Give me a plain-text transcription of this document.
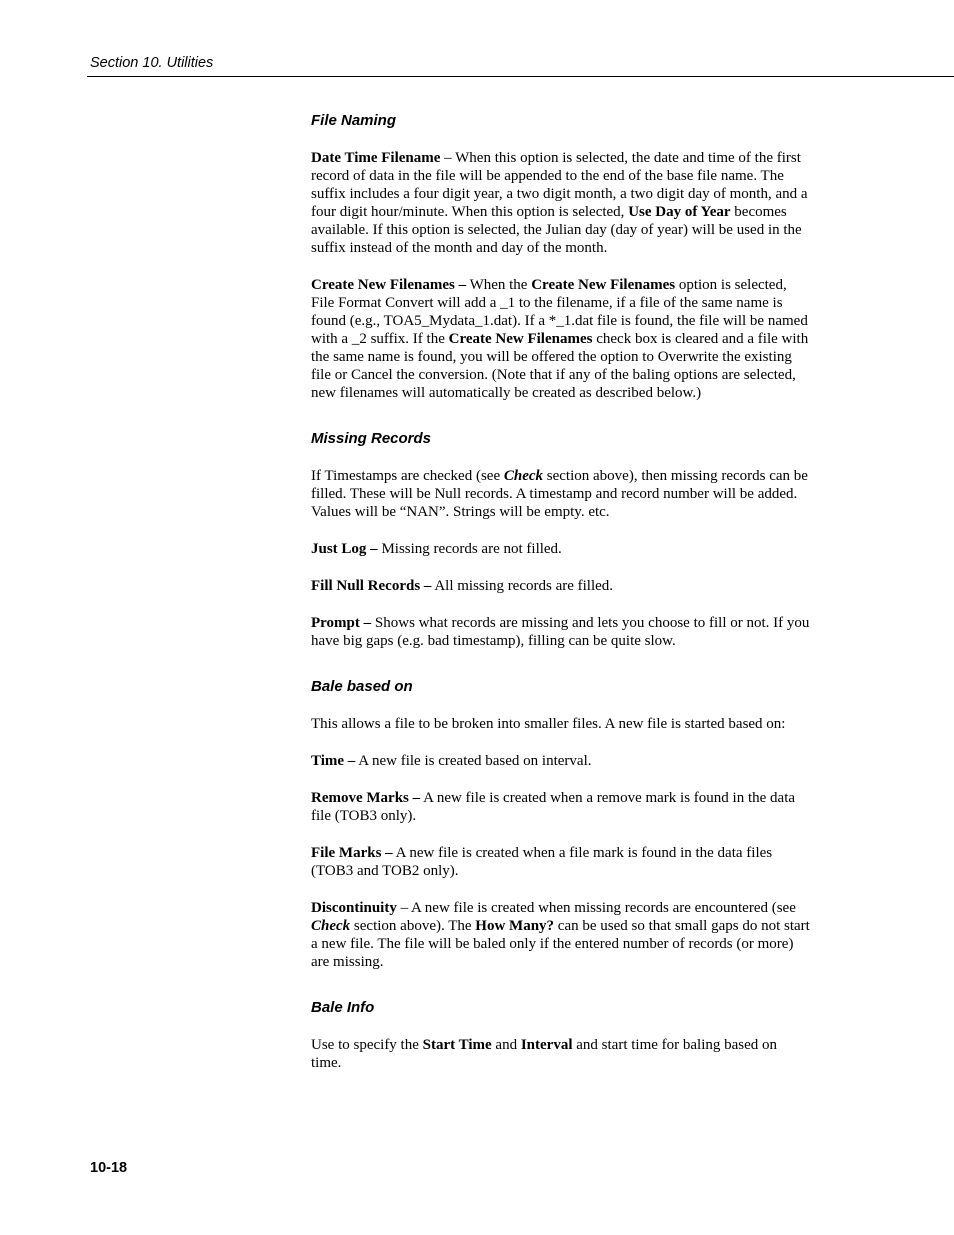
Section 10. Utilities
File Naming

Date Time Filename – When this option is selected, the date and time of the first record of data in the file will be appended to the end of the base file name. The suffix includes a four digit year, a two digit month, a two digit day of month, and a four digit hour/minute. When this option is selected, Use Day of Year becomes available. If this option is selected, the Julian day (day of year) will be used in the suffix instead of the month and day of the month.

Create New Filenames – When the Create New Filenames option is selected, File Format Convert will add a _1 to the filename, if a file of the same name is found (e.g., TOA5_Mydata_1.dat). If a *_1.dat file is found, the file will be named with a _2 suffix. If the Create New Filenames check box is cleared and a file with the same name is found, you will be offered the option to Overwrite the existing file or Cancel the conversion. (Note that if any of the baling options are selected, new filenames will automatically be created as described below.)

Missing Records

If Timestamps are checked (see Check section above), then missing records can be filled. These will be Null records. A timestamp and record number will be added. Values will be “NAN”. Strings will be empty. etc.

Just Log – Missing records are not filled.

Fill Null Records – All missing records are filled.

Prompt – Shows what records are missing and lets you choose to fill or not. If you have big gaps (e.g. bad timestamp), filling can be quite slow.

Bale based on

This allows a file to be broken into smaller files. A new file is started based on:

Time – A new file is created based on interval.

Remove Marks – A new file is created when a remove mark is found in the data file (TOB3 only).

File Marks – A new file is created when a file mark is found in the data files (TOB3 and TOB2 only).

Discontinuity – A new file is created when missing records are encountered (see Check section above). The How Many? can be used so that small gaps do not start a new file. The file will be baled only if the entered number of records (or more) are missing.

Bale Info

Use to specify the Start Time and Interval and start time for baling based on time.

10-18
